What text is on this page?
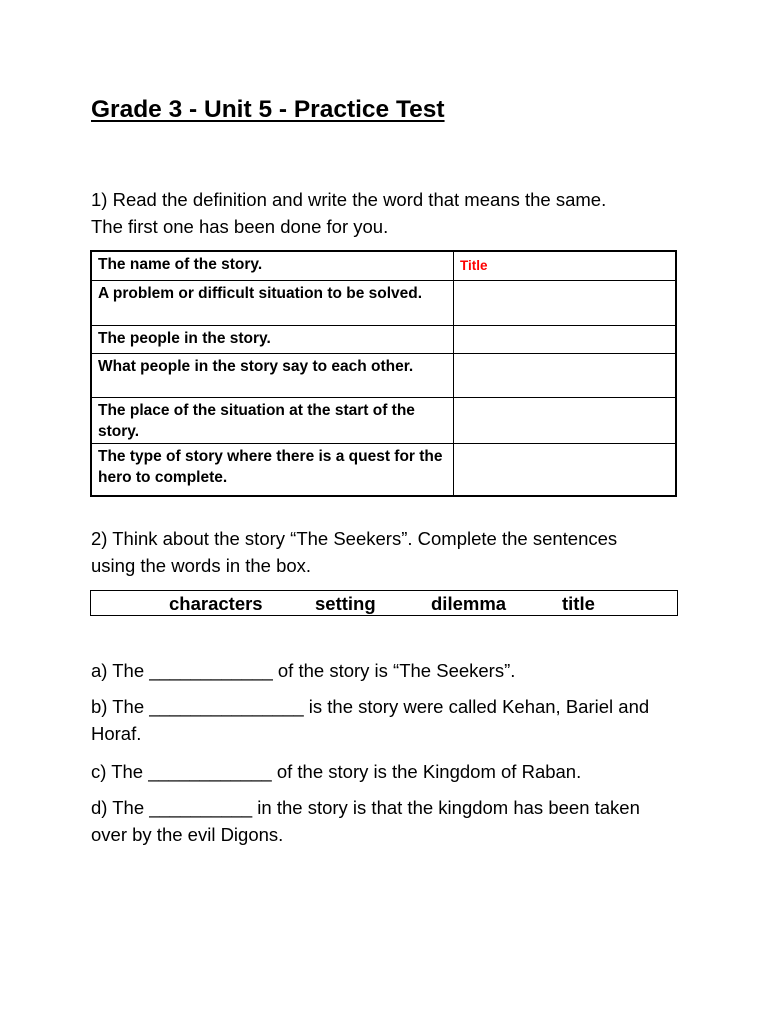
Grade 3 - Unit 5 - Practice Test

1) Read the definition and write the word that means the same.
The first one has been done for you.

The name of the story.	Title
A problem or difficult situation to be solved.	
The people in the story.	
What people in the story say to each other.	
The place of the situation at the start of the story.	
The type of story where there is a quest for the hero to complete.	

2) Think about the story “The Seekers”. Complete the sentences
using the words in the box.

characters	setting	dilemma	title

a) The ____________ of the story is “The Seekers”.

b) The _______________ is the story were called Kehan, Bariel and Horaf.

c) The ____________ of the story is the Kingdom of Raban.

d) The __________ in the story is that the kingdom has been taken over by the evil Digons.
